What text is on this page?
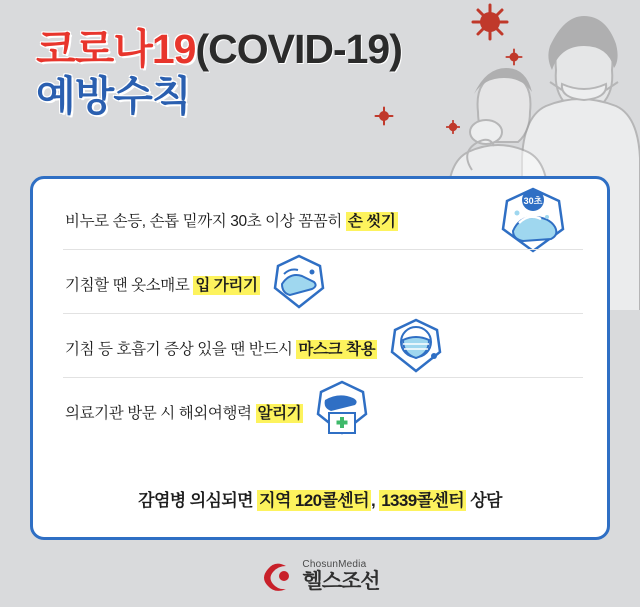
코로나19(COVID-19)
예방수칙
비누로 손등, 손톱 밑까지 30초 이상 꼼꼼히 손 씻기
30초
기침할 땐 옷소매로 입 가리기
기침 등 호흡기 증상 있을 땐 반드시 마스크 착용
의료기관 방문 시 해외여행력 알리기
감염병 의심되면 지역 120콜센터 , 1339콜센터 상담
ChosunMedia
헬스조선
